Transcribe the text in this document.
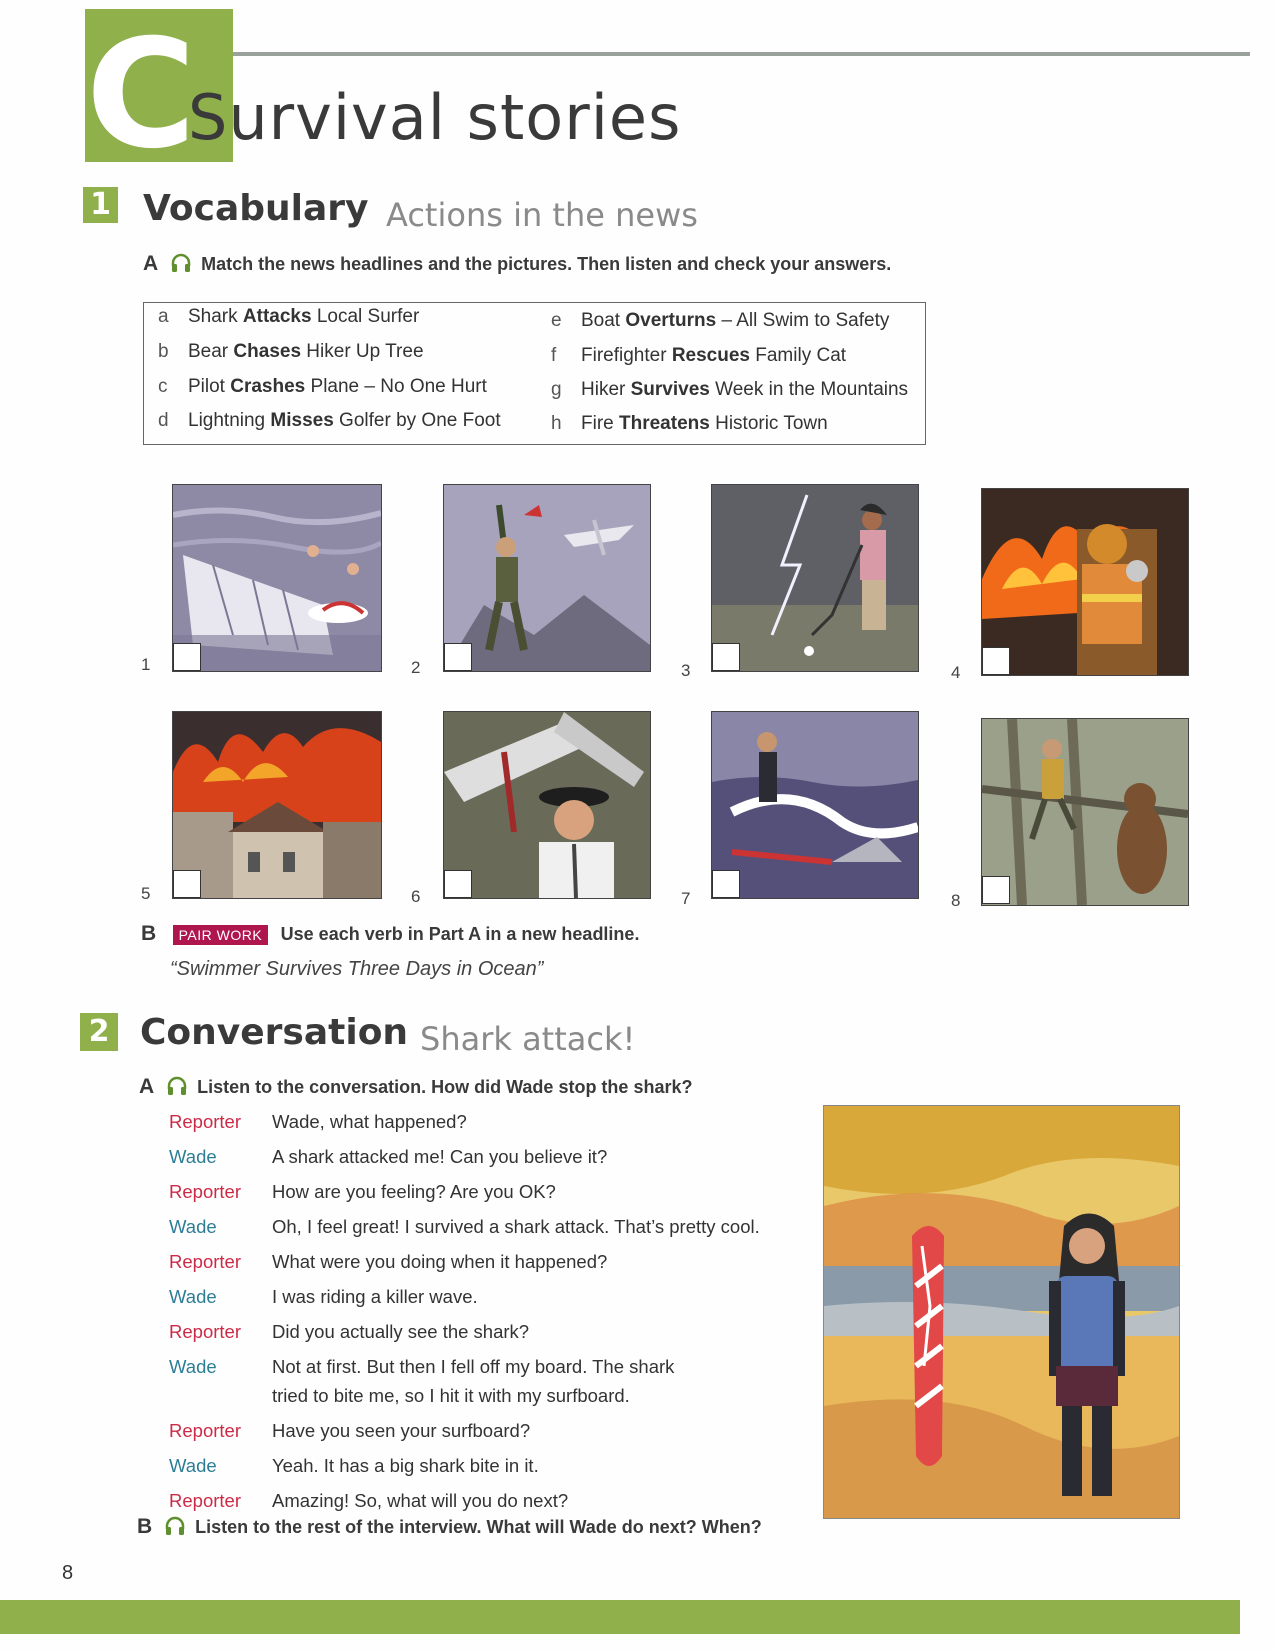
C
Survival stories
1 Vocabulary Actions in the news
A Match the news headlines and the pictures. Then listen and check your answers.
a Shark Attacks Local Surfer
b Bear Chases Hiker Up Tree
c Pilot Crashes Plane – No One Hurt
d Lightning Misses Golfer by One Foot
e Boat Overturns – All Swim to Safety
f Firefighter Rescues Family Cat
g Hiker Survives Week in the Mountains
h Fire Threatens Historic Town
1	2	3	4
5	6	7	8
B PAIR WORK Use each verb in Part A in a new headline.
“Swimmer Survives Three Days in Ocean”
2 Conversation Shark attack!
A Listen to the conversation. How did Wade stop the shark?
Reporter Wade, what happened?
Wade	A shark attacked me! Can you believe it?
Reporter How are you feeling? Are you OK?
Wade	Oh, I feel great! I survived a shark attack. That’s pretty cool.
Reporter What were you doing when it happened?
Wade	I was riding a killer wave.
Reporter Did you actually see the shark?
Wade	Not at first. But then I fell off my board. The shark
tried to bite me, so I hit it with my surfboard.
Reporter Have you seen your surfboard?
Wade	Yeah. It has a big shark bite in it.
Reporter Amazing! So, what will you do next?
B Listen to the rest of the interview. What will Wade do next? When?
8
